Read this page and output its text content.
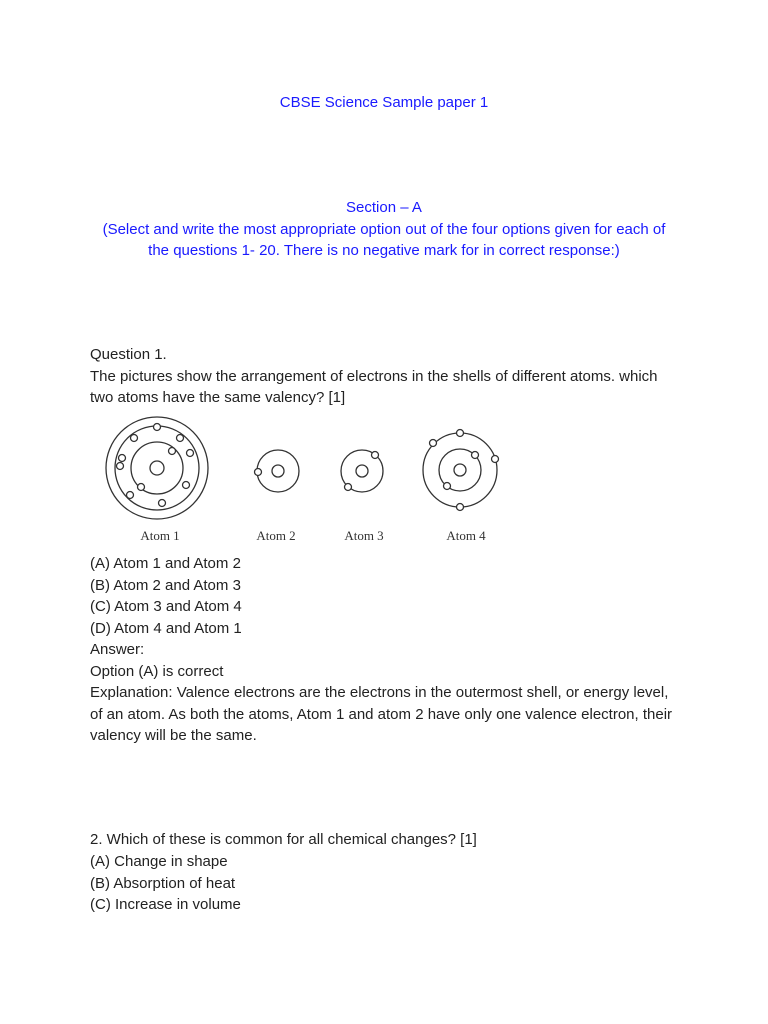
CBSE Science Sample paper 1

Section – A

(Select and write the most appropriate option out of the four options given for each of

the questions 1- 20. There is no negative mark for in correct response:)

Question 1.

The pictures show the arrangement of electrons in the shells of different atoms. which

two atoms have the same valency? [1]

Atom 1	Atom 2	Atom 3	Atom 4

(A) Atom 1 and Atom 2

(B) Atom 2 and Atom 3

(C) Atom 3 and Atom 4

(D) Atom 4 and Atom 1

Answer:

Option (A) is correct

Explanation: Valence electrons are the electrons in the outermost shell, or energy level,

of an atom. As both the atoms, Atom 1 and atom 2 have only one valence electron, their

valency will be the same.

2. Which of these is common for all chemical changes? [1]

(A) Change in shape

(B) Absorption of heat

(C) Increase in volume
